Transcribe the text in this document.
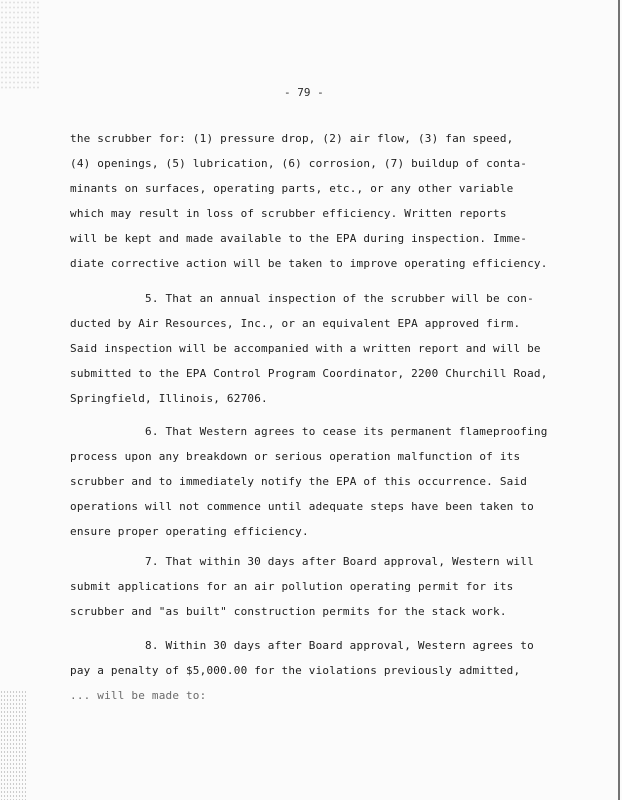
- 79 -
the scrubber for: (1) pressure drop, (2) air flow, (3) fan speed,
(4) openings, (5) lubrication, (6) corrosion, (7) buildup of conta-
minants on surfaces, operating parts, etc., or any other variable
which may result in loss of scrubber efficiency. Written reports
will be kept and made available to the EPA during inspection. Imme-
diate corrective action will be taken to improve operating efficiency.
5. That an annual inspection of the scrubber will be con-
ducted by Air Resources, Inc., or an equivalent EPA approved firm.
Said inspection will be accompanied with a written report and will be
submitted to the EPA Control Program Coordinator, 2200 Churchill Road,
Springfield, Illinois, 62706.
6. That Western agrees to cease its permanent flameproofing
process upon any breakdown or serious operation malfunction of its
scrubber and to immediately notify the EPA of this occurrence. Said
operations will not commence until adequate steps have been taken to
ensure proper operating efficiency.
7. That within 30 days after Board approval, Western will
submit applications for an air pollution operating permit for its
scrubber and "as built" construction permits for the stack work.
8. Within 30 days after Board approval, Western agrees to
pay a penalty of $5,000.00 for the violations previously admitted,
... will be made to:
